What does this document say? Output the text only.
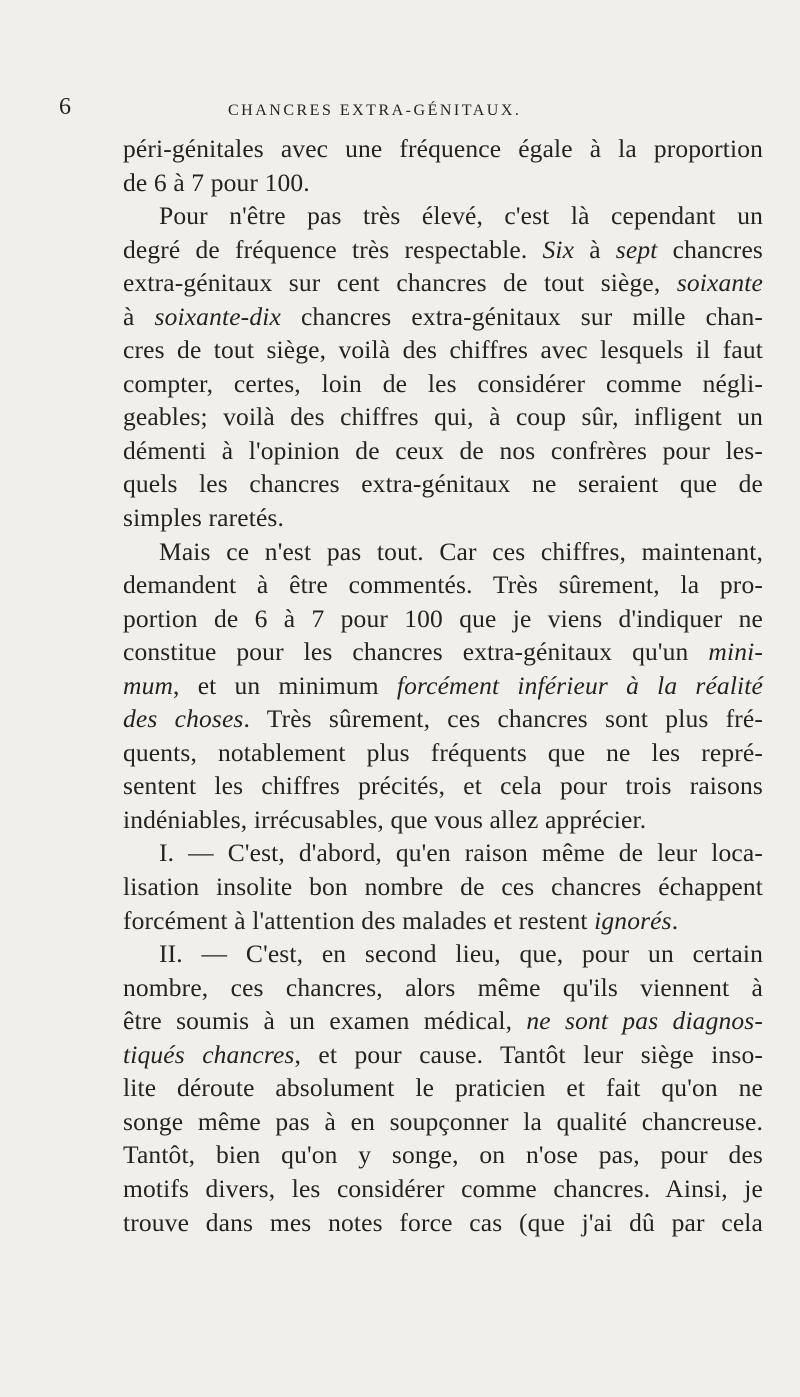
6	CHANCRES EXTRA-GÉNITAUX.
péri-génitales avec une fréquence égale à la proportion
de 6 à 7 pour 100.
Pour n'être pas très élevé, c'est là cependant un
degré de fréquence très respectable. Six à sept chancres
extra-génitaux sur cent chancres de tout siège, soixante
à soixante-dix chancres extra-génitaux sur mille chan-
cres de tout siège, voilà des chiffres avec lesquels il faut
compter, certes, loin de les considérer comme négli-
geables; voilà des chiffres qui, à coup sûr, infligent un
démenti à l'opinion de ceux de nos confrères pour les-
quels les chancres extra-génitaux ne seraient que de
simples raretés.
Mais ce n'est pas tout. Car ces chiffres, maintenant,
demandent à être commentés. Très sûrement, la pro-
portion de 6 à 7 pour 100 que je viens d'indiquer ne
constitue pour les chancres extra-génitaux qu'un mini-
mum, et un minimum forcément inférieur à la réalité
des choses. Très sûrement, ces chancres sont plus fré-
quents, notablement plus fréquents que ne les repré-
sentent les chiffres précités, et cela pour trois raisons
indéniables, irrécusables, que vous allez apprécier.
I. — C'est, d'abord, qu'en raison même de leur loca-
lisation insolite bon nombre de ces chancres échappent
forcément à l'attention des malades et restent ignorés.
II. — C'est, en second lieu, que, pour un certain
nombre, ces chancres, alors même qu'ils viennent à
être soumis à un examen médical, ne sont pas diagnos-
tiqués chancres, et pour cause. Tantôt leur siège inso-
lite déroute absolument le praticien et fait qu'on ne
songe même pas à en soupçonner la qualité chancreuse.
Tantôt, bien qu'on y songe, on n'ose pas, pour des
motifs divers, les considérer comme chancres. Ainsi, je
trouve dans mes notes force cas (que j'ai dû par cela
